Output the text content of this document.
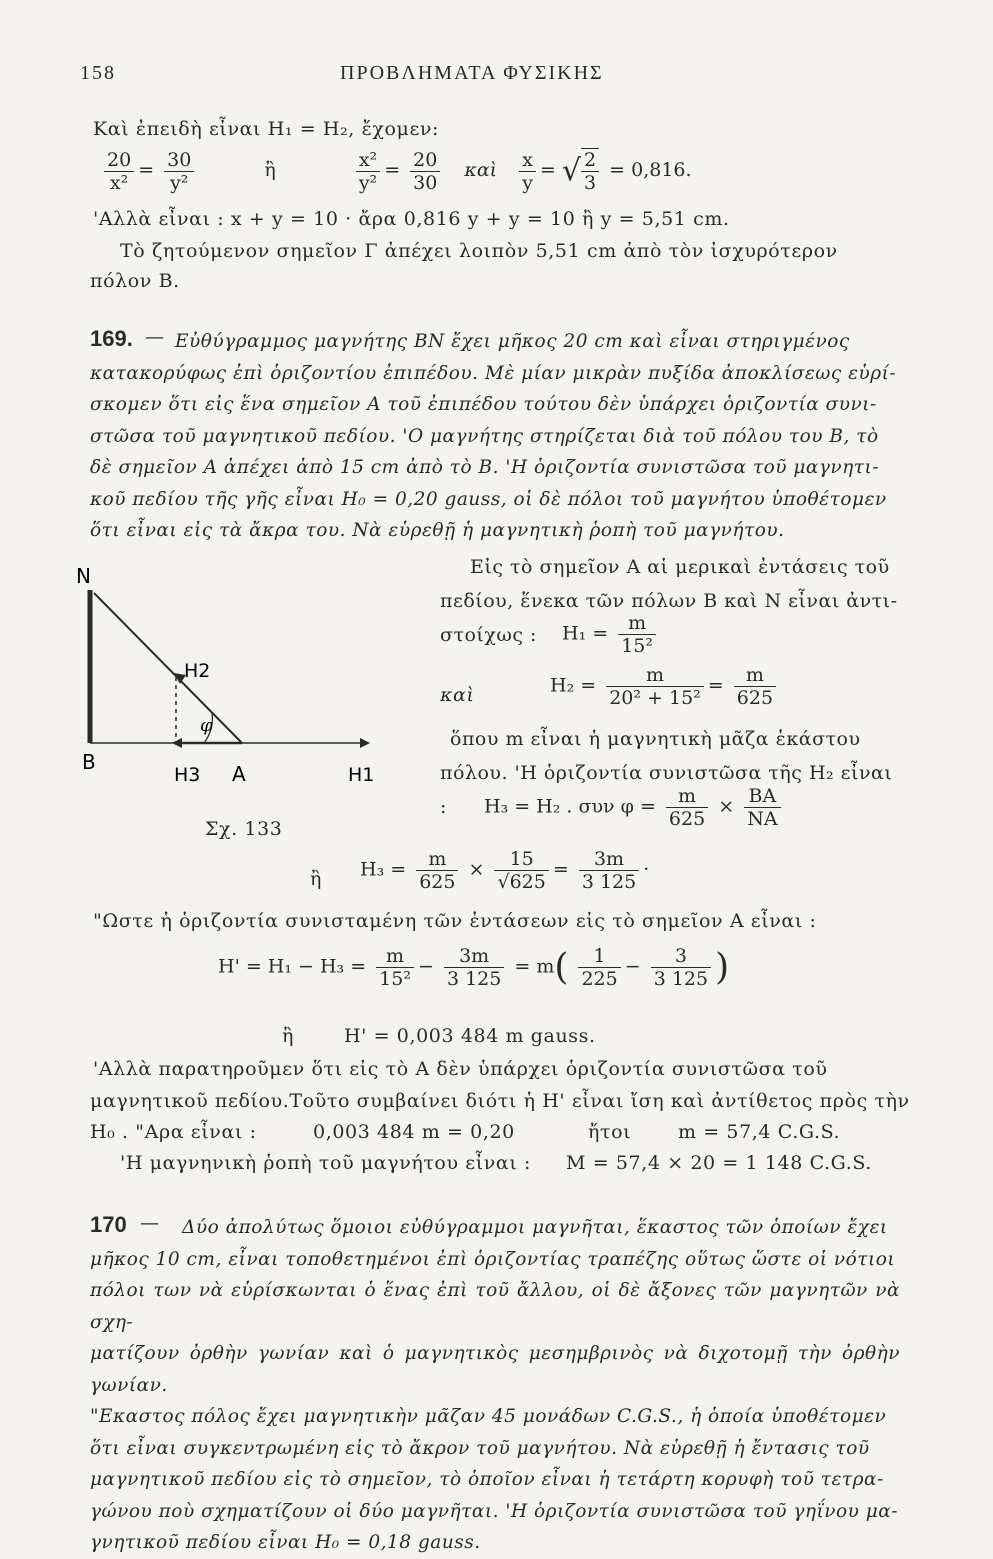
158	ΠΡΟΒΛΗΜΑΤΑ ΦΥΣΙΚΗΣ
Καὶ ἐπειδὴ εἶναι H₁ = H₂, ἔχομεν:
$\frac{20}{\text{x²}} = \frac{30}{\text{y²}}$	ἢ	$\frac{\text{x²}}{\text{y²}} = \frac{20}{30}$ καὶ $\frac{x}{y}$ = √ $\frac{2}{3} = 0,816$.
'Αλλὰ εἶναι : x + y = 10 · ἄρα 0,816 y + y = 10 ἢ y = 5,51 cm.
Τὸ ζητούμενον σημεῖον Γ ἀπέχει λοιπὸν 5,51 cm ἀπὸ τὸν ἰσχυρότερον
πόλον Β.
169. — Εὐθύγραμμος μαγνήτης ΒΝ ἔχει μῆκος 20 cm καὶ εἶναι στηριγμένος
κατακορύφως ἐπὶ ὁριζοντίου ἐπιπέδου. Μὲ μίαν μικρὰν πυξίδα ἀποκλίσεως εὑρί-
σκομεν ὅτι εἰς ἕνα σημεῖον Α τοῦ ἐπιπέδου τούτου δὲν ὑπάρχει ὁριζοντία συνι-
στῶσα τοῦ μαγνητικοῦ πεδίου. 'Ο μαγνήτης στηρίζεται διὰ τοῦ πόλου του Β, τὸ
δὲ σημεῖον Α ἀπέχει ἀπὸ 15 cm ἀπὸ τὸ Β. 'Η ὁριζοντία συνιστῶσα τοῦ μαγνητι-
κοῦ πεδίου τῆς γῆς εἶναι H₀ = 0,20 gauss, οἱ δὲ πόλοι τοῦ μαγνήτου ὑποθέτομεν
ὅτι εἶναι εἰς τὰ ἄκρα του. Νὰ εὑρεθῇ ἡ μαγνητικὴ ῥοπὴ τοῦ μαγνήτου.
N
B
H2
φ
H3 A	H1
Σχ. 133
Εἰς τὸ σημεῖον Α αἱ μερικαὶ ἐντάσεις τοῦ
πεδίου, ἕνεκα τῶν πόλων Β καὶ Ν εἶναι ἀντι-
στοίχως :	$H_1 = \frac{m}{\text{15²}}$
καὶ	$H_2 = \frac{m}{\text{20² + 15²}} = \frac{m}{625}$
ὅπου m εἶναι ἡ μαγνητικὴ μᾶζα ἑκάστου
πόλου. 'Η ὁριζοντία συνιστῶσα τῆς H₂ εἶναι :	H₃ = H₂ . συν $\varphi = \frac{m}{625} \times \frac{BA}{NA}$
ἢ $H_3 = \frac{m}{625} \times \frac{15}{√625} = \frac{3m}{3 125}$ ·
"Ωστε ἡ ὁριζοντία συνισταμένη τῶν ἐντάσεων εἰς τὸ σημεῖον Α εἶναι :
$H' = H_1 - H_3 = \frac{m}{\text{15²}} - \frac{3m}{3 125} = m( \frac{1}{225} - \frac{3}{3 125}$ )
ἢ	H' = 0,003 484 m gauss.
'Αλλὰ παρατηροῦμεν ὅτι εἰς τὸ Α δὲν ὑπάρχει ὁριζοντία συνιστῶσα τοῦ
μαγνητικοῦ πεδίου.Τοῦτο συμβαίνει διότι ἡ H' εἶναι ἴση καὶ ἀντίθετος πρὸς τὴν
H₀ . "Αρα εἶναι :	0,003 484 m = 0,20	ἤτοι m = 57,4 C.G.S.
'Η μαγνηνικὴ ῥοπὴ τοῦ μαγνήτου εἶναι : M = 57,4 × 20 = 1 148 C.G.S.
170 —	Δύο ἀπολύτως ὅμοιοι εὐθύγραμμοι μαγνῆται, ἕκαστος τῶν ὁποίων ἔχει
μῆκος 10 cm, εἶναι τοποθετημένοι ἐπὶ ὁριζοντίας τραπέζης οὕτως ὥστε οἱ νότιοι
πόλοι των νὰ εὑρίσκωνται ὁ ἕνας ἐπὶ τοῦ ἄλλου, οἱ δὲ ἄξονες τῶν μαγνητῶν νὰ σχη-
ματίζουν ὀρθὴν γωνίαν καὶ ὁ μαγνητικὸς μεσημβρινὸς νὰ διχοτομῇ τὴν ὀρθὴν γωνίαν.
"Εκαστος πόλος ἔχει μαγνητικὴν μᾶζαν 45 μονάδων C.G.S., ἡ ὁποία ὑποθέτομεν
ὅτι εἶναι συγκεντρωμένη εἰς τὸ ἄκρον τοῦ μαγνήτου. Νὰ εὑρεθῇ ἡ ἔντασις τοῦ
μαγνητικοῦ πεδίου εἰς τὸ σημεῖον, τὸ ὁποῖον εἶναι ἡ τετάρτη κορυφὴ τοῦ τετρα-
γώνου ποὺ σχηματίζουν οἱ δύο μαγνῆται. 'Η ὁριζοντία συνιστῶσα τοῦ γηΐνου μα-
γνητικοῦ πεδίου εἶναι H₀ = 0,18 gauss.
